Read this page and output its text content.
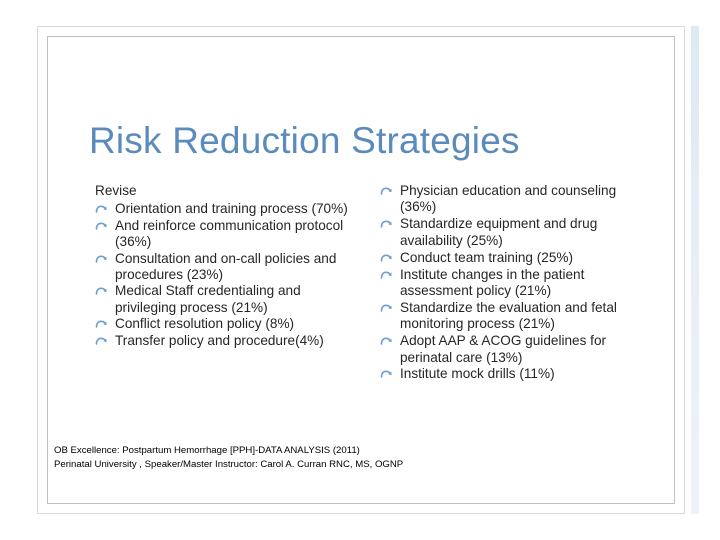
Risk Reduction Strategies
Revise
Orientation and training process (70%)
And reinforce communication protocol (36%)
Consultation and on-call policies and procedures (23%)
Medical Staff credentialing and privileging process (21%)
Conflict resolution policy (8%)
Transfer policy and procedure(4%)
Physician education and counseling (36%)
Standardize equipment and drug availability (25%)
Conduct team training (25%)
Institute changes in the patient assessment policy (21%)
Standardize the evaluation and fetal monitoring process (21%)
Adopt AAP & ACOG guidelines for perinatal care (13%)
Institute mock drills (11%)
OB Excellence: Postpartum Hemorrhage [PPH]-DATA ANALYSIS (2011)
Perinatal University , Speaker/Master Instructor: Carol A. Curran RNC, MS, OGNP
